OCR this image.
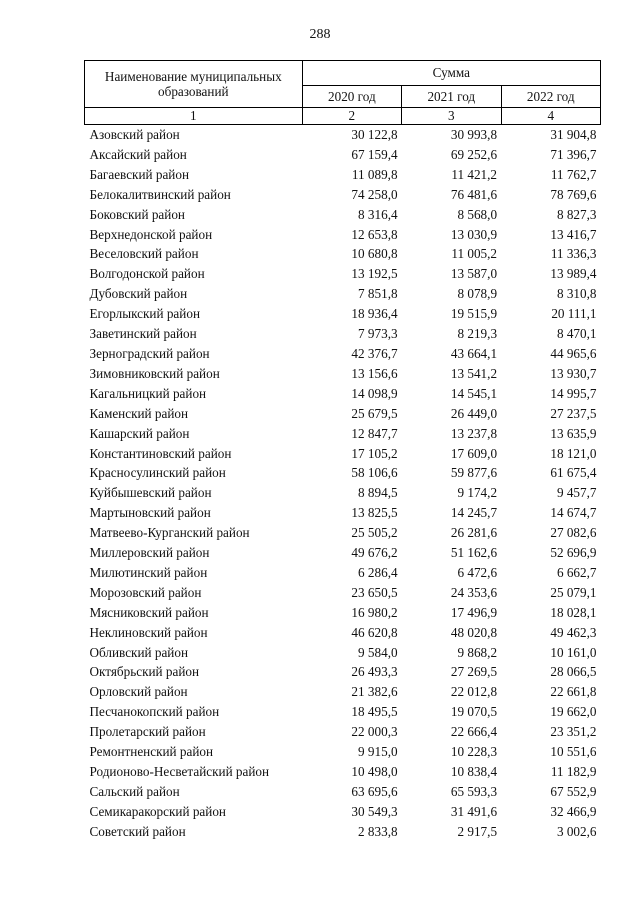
288
Наименование муниципальных образований	Сумма		
	2020 год	2021 год	2022 год
1	2	3	4
Азовский район	30 122,8	30 993,8	31 904,8
Аксайский район	67 159,4	69 252,6	71 396,7
Багаевский район	11 089,8	11 421,2	11 762,7
Белокалитвинский район	74 258,0	76 481,6	78 769,6
Боковский район	8 316,4	8 568,0	8 827,3
Верхнедонской район	12 653,8	13 030,9	13 416,7
Веселовский район	10 680,8	11 005,2	11 336,3
Волгодонской район	13 192,5	13 587,0	13 989,4
Дубовский район	7 851,8	8 078,9	8 310,8
Егорлыкский район	18 936,4	19 515,9	20 111,1
Заветинский район	7 973,3	8 219,3	8 470,1
Зерноградский район	42 376,7	43 664,1	44 965,6
Зимовниковский район	13 156,6	13 541,2	13 930,7
Кагальницкий район	14 098,9	14 545,1	14 995,7
Каменский район	25 679,5	26 449,0	27 237,5
Кашарский район	12 847,7	13 237,8	13 635,9
Константиновский район	17 105,2	17 609,0	18 121,0
Красносулинский район	58 106,6	59 877,6	61 675,4
Куйбышевский район	8 894,5	9 174,2	9 457,7
Мартыновский район	13 825,5	14 245,7	14 674,7
Матвеево-Курганский район	25 505,2	26 281,6	27 082,6
Миллеровский район	49 676,2	51 162,6	52 696,9
Милютинский район	6 286,4	6 472,6	6 662,7
Морозовский район	23 650,5	24 353,6	25 079,1
Мясниковский район	16 980,2	17 496,9	18 028,1
Неклиновский район	46 620,8	48 020,8	49 462,3
Обливский район	9 584,0	9 868,2	10 161,0
Октябрьский район	26 493,3	27 269,5	28 066,5
Орловский район	21 382,6	22 012,8	22 661,8
Песчанокопский район	18 495,5	19 070,5	19 662,0
Пролетарский район	22 000,3	22 666,4	23 351,2
Ремонтненский район	9 915,0	10 228,3	10 551,6
Родионово-Несветайский район	10 498,0	10 838,4	11 182,9
Сальский район	63 695,6	65 593,3	67 552,9
Семикаракорский район	30 549,3	31 491,6	32 466,9
Советский район	2 833,8	2 917,5	3 002,6
